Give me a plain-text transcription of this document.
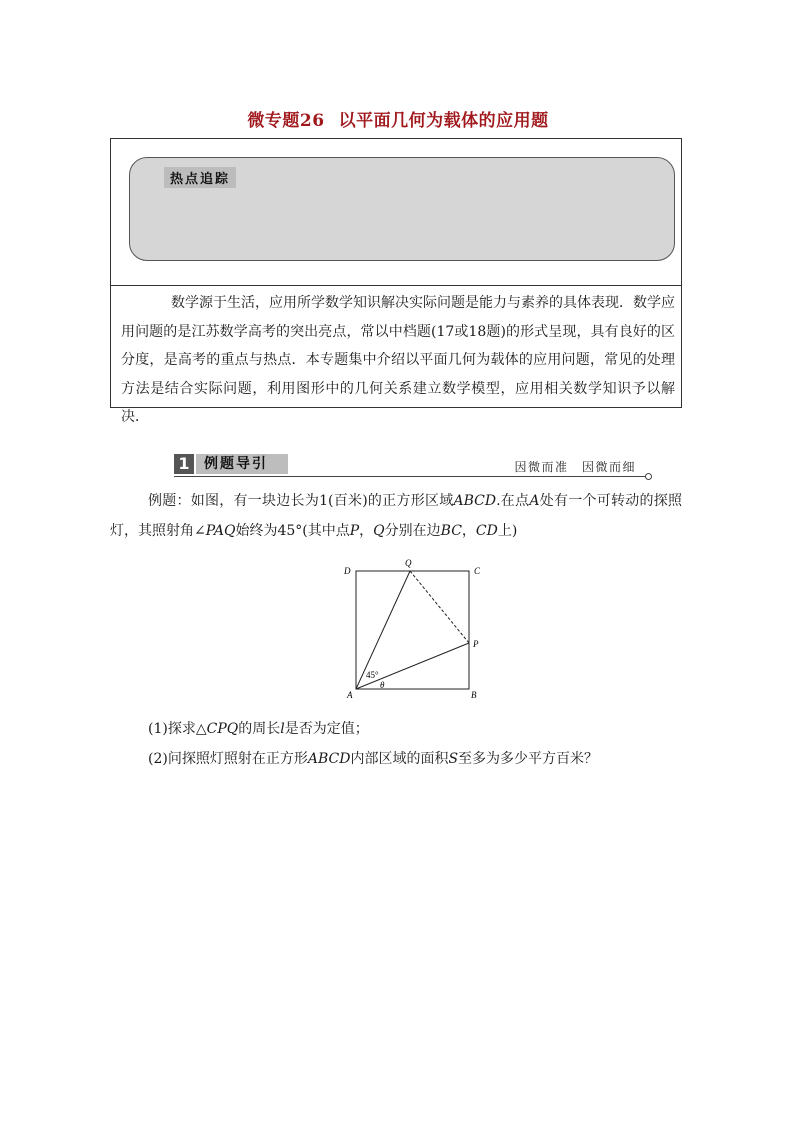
微专题26 以平面几何为载体的应用题
热点追踪
数学源于生活，应用所学数学知识解决实际问题是能力与素养的具体表现．数学应用问题的是江苏数学高考的突出亮点，常以中档题(17或18题)的形式呈现，具有良好的区分度，是高考的重点与热点．本专题集中介绍以平面几何为载体的应用问题，常见的处理方法是结合实际问题，利用图形中的几何关系建立数学模型，应用相关数学知识予以解决．
1	例题导引	因微而准　因微而细
例题：如图，有一块边长为1(百米)的正方形区域ABCD.在点A处有一个可转动的探照灯，其照射角∠PAQ始终为45°(其中点P，Q分别在边BC，CD上)
D
Q
C
P
A	B
45°
θ
(1)探求△CPQ的周长l是否为定值；
(2)问探照灯照射在正方形ABCD内部区域的面积S至多为多少平方百米？
